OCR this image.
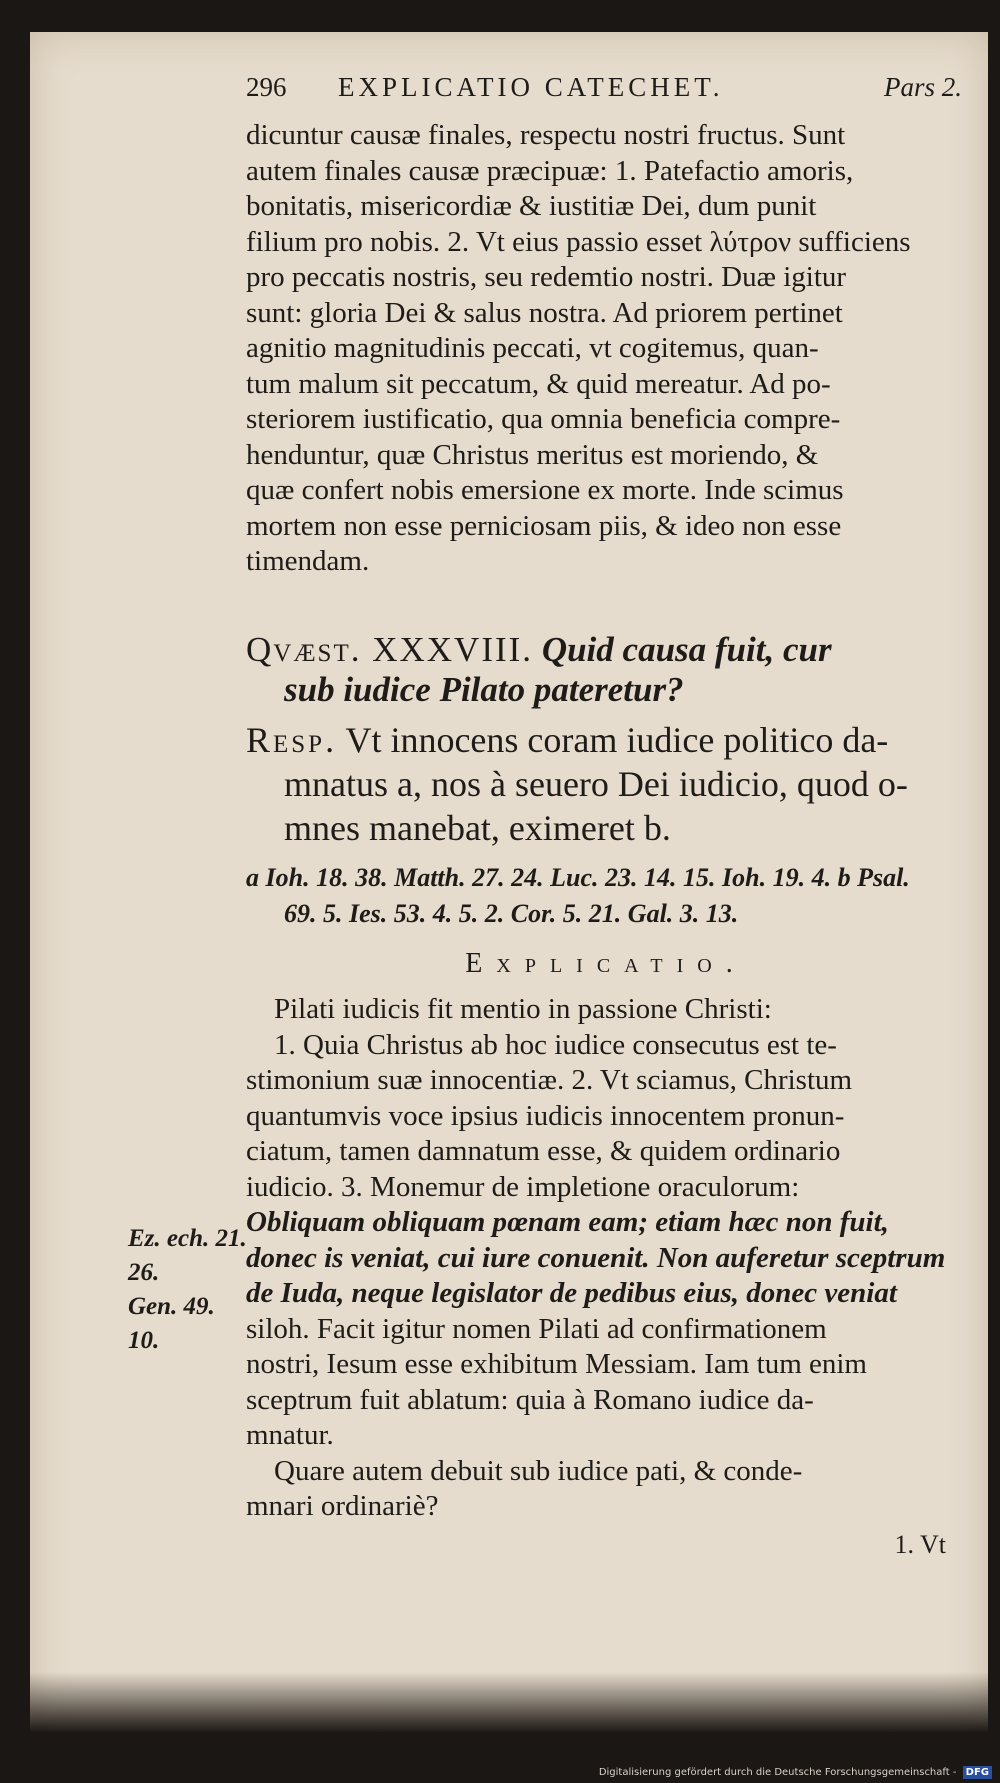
296 EXPLICATIO CATECHET.	Pars 2.

dicuntur causæ finales, respectu nostri fructus. Sunt

autem finales causæ præcipuæ: 1. Patefactio amoris,

bonitatis, misericordiæ & iustitiæ Dei, dum punit

filium pro nobis. 2. Vt eius passio esset λύτρον sufficiens

pro peccatis nostris, seu redemtio nostri. Duæ igitur

sunt: gloria Dei & salus nostra. Ad priorem pertinet

agnitio magnitudinis peccati, vt cogitemus, quan-

tum malum sit peccatum, & quid mereatur. Ad po-

steriorem iustificatio, qua omnia beneficia compre-

henduntur, quæ Christus meritus est moriendo, &

quæ confert nobis emersione ex morte. Inde scimus

mortem non esse perniciosam piis, & ideo non esse

timendam.

Qvæst. XXXVIII. Quid causa fuit, cur
sub iudice Pilato pateretur?
Resp. Vt innocens coram iudice politico da-
mnatus a, nos à seuero Dei iudicio, quod o-
mnes manebat, eximeret b.
a Ioh. 18. 38. Matth. 27. 24. Luc. 23. 14. 15. Ioh. 19. 4. b Psal.
69. 5. Ies. 53. 4. 5. 2. Cor. 5. 21. Gal. 3. 13.
Explicatio.

Pilati iudicis fit mentio in passione Christi:

1. Quia Christus ab hoc iudice consecutus est te-

stimonium suæ innocentiæ. 2. Vt sciamus, Christum

quantumvis voce ipsius iudicis innocentem pronun-

ciatum, tamen damnatum esse, & quidem ordinario

iudicio. 3. Monemur de impletione oraculorum:

Obliquam obliquam pœnam eam; etiam hæc non fuit,

donec is veniat, cui iure conuenit. Non auferetur sceptrum

de Iuda, neque legislator de pedibus eius, donec veniat

siloh. Facit igitur nomen Pilati ad confirmationem

nostri, Iesum esse exhibitum Messiam. Iam tum enim

sceptrum fuit ablatum: quia à Romano iudice da-

mnatur.

Quare autem debuit sub iudice pati, & conde-

mnari ordinariè?

Ez. ech. 21.
26.
Gen. 49. 10.
1. Vt
Digitalisierung gefördert durch die Deutsche Forschungsgemeinschaft - DFG
